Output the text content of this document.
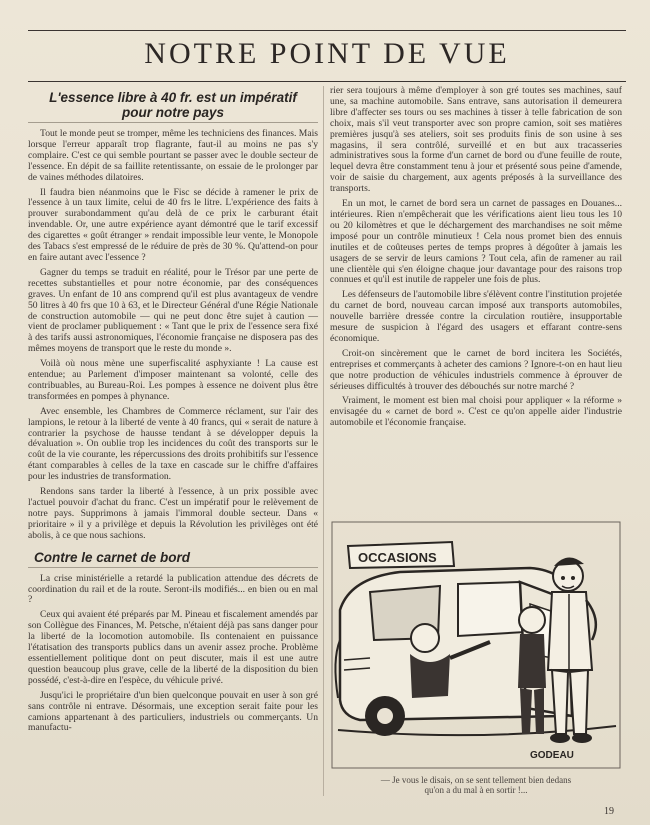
NOTRE POINT DE VUE
L'essence libre à 40 fr. est un impératif
pour notre pays

Tout le monde peut se tromper, même les techniciens des finances. Mais lorsque l'erreur apparaît trop flagrante, faut-il au moins ne pas s'y complaire. C'est ce qui semble pourtant se passer avec le double secteur de l'essence. En dépit de sa faillite retentissante, on essaie de le prolonger par de vaines méthodes dilatoires.

Il faudra bien néanmoins que le Fisc se décide à ramener le prix de l'essence à un taux limite, celui de 40 frs le litre. L'expérience des faits à prouver surabondamment qu'au delà de ce prix le carburant était invendable. Or, une autre expérience ayant démontré que le tarif excessif des cigarettes « goût étranger » rendait impossible leur vente, le Monopole des Tabacs s'est empressé de le réduire de près de 30 %. Qu'attend-on pour en faire autant avec l'essence ?

Gagner du temps se traduit en réalité, pour le Trésor par une perte de recettes substantielles et pour notre économie, par des conséquences graves. Un enfant de 10 ans comprend qu'il est plus avantageux de vendre 50 litres à 40 frs que 10 à 63, et le Directeur Général d'une Régie Nationale de construction automobile — qui ne peut donc être sujet à caution — vient de proclamer publiquement : « Tant que le prix de l'essence sera fixé à des tarifs aussi astronomiques, l'économie française ne disposera pas des mêmes moyens de transport que le reste du monde ».

Voilà où nous mène une superfiscalité asphyxiante ! La cause est entendue; au Parlement d'imposer maintenant sa volonté, celle des contribuables, au Bureau-Roi. Les pompes à essence ne doivent plus être transformées en pompes à phynance.

Avec ensemble, les Chambres de Commerce réclament, sur l'air des lampions, le retour à la liberté de vente à 40 francs, qui « serait de nature à contrarier la psychose de hausse tendant à se développer depuis la dévaluation ». On oublie trop les incidences du coût des transports sur le coût de la vie courante, les répercussions des droits prohibitifs sur l'essence étant comparables à celles de la taxe en cascade sur le chiffre d'affaires pour les industries de transformation.

Rendons sans tarder la liberté à l'essence, à un prix possible avec l'actuel pouvoir d'achat du franc. C'est un impératif pour le relèvement de notre pays. Supprimons à jamais l'immoral double secteur. Dans « prioritaire » il y a privilège et depuis la Révolution les privilèges ont été abolis, à ce que nous sachions.

Contre le carnet de bord

La crise ministérielle a retardé la publication attendue des décrets de coordination du rail et de la route. Seront-ils modifiés... en bien ou en mal ?

Ceux qui avaient été préparés par M. Pineau et fiscalement amendés par son Collègue des Finances, M. Petsche, n'étaient déjà pas sans danger pour la liberté de la locomotion automobile. Ils contenaient en puissance l'étatisation des transports publics dans un avenir assez proche. Problème essentiellement politique dont on peut discuter, mais il est une autre question beaucoup plus grave, celle de la liberté de la disposition du bien possédé, c'est-à-dire en l'espèce, du véhicule privé.

Jusqu'ici le propriétaire d'un bien quelconque pouvait en user à son gré sans contrôle ni entrave. Désormais, une exception serait faite pour les camions appartenant à des particuliers, industriels ou commerçants. Un manufactu-

rier sera toujours à même d'employer à son gré toutes ses machines, sauf une, sa machine automobile. Sans entrave, sans autorisation il demeurera libre d'affecter ses tours ou ses machines à tisser à telle fabrication de son choix, mais s'il veut transporter avec son propre camion, soit ses matières premières jusqu'à ses ateliers, soit ses produits finis de son usine à ses magasins, il sera contrôlé, surveillé et en but aux tracasseries administratives sous la forme d'un carnet de bord ou d'une feuille de route, lequel devra être constamment tenu à jour et présenté sous peine d'amende, voir de saisie du chargement, aux agents préposés à la surveillance des transports.

En un mot, le carnet de bord sera un carnet de passages en Douanes... intérieures. Rien n'empêcherait que les vérifications aient lieu tous les 10 ou 20 kilomètres et que le déchargement des marchandises ne soit même imposé pour un contrôle minutieux ! Cela nous promet bien des ennuis inutiles et de coûteuses pertes de temps propres à dégoûter à jamais les usagers de se servir de leurs camions ? Tout cela, afin de ramener au rail une clientèle qui s'en éloigne chaque jour davantage pour des raisons trop connues et qu'il est inutile de rappeler une fois de plus.

Les défenseurs de l'automobile libre s'élèvent contre l'institution projetée du carnet de bord, nouveau carcan imposé aux transports automobiles, nouvelle barrière dressée contre la circulation routière, insupportable mesure de suspicion à l'égard des usagers et effarant contre-sens économique.

Croit-on sincèrement que le carnet de bord incitera les Sociétés, entreprises et commerçants à acheter des camions ? Ignore-t-on en haut lieu que notre production de véhicules industriels commence à éprouver de sérieuses difficultés à trouver des débouchés sur notre marché ?

Vraiment, le moment est bien mal choisi pour appliquer « la réforme » envisagée du « carnet de bord ». C'est ce qu'on appelle aider l'industrie automobile et l'économie française.

OCCASIONS
GODEAU
— Je vous le disais, on se sent tellement bien dedans
qu'on a du mal à en sortir !...
19
